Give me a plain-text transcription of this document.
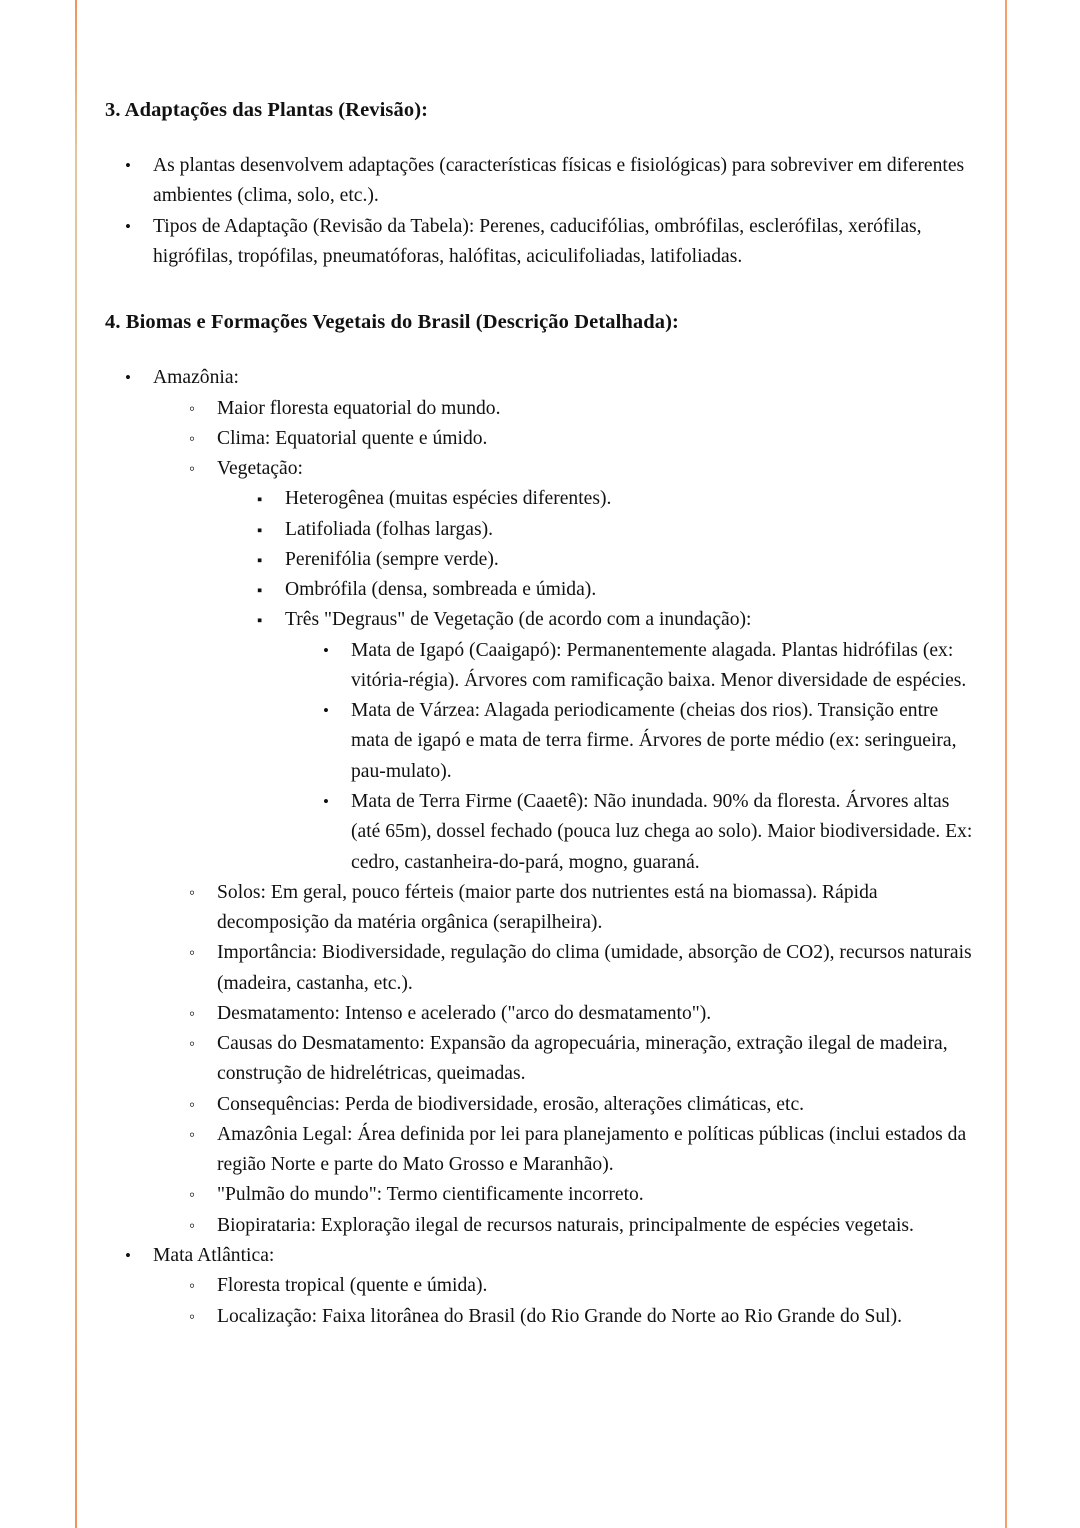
3. Adaptações das Plantas (Revisão):
•
As plantas desenvolvem adaptações (características físicas e fisiológicas) para sobreviver em diferentes ambientes (clima, solo, etc.).
•
Tipos de Adaptação (Revisão da Tabela): Perenes, caducifólias, ombrófilas, esclerófilas, xerófilas, higrófilas, tropófilas, pneumatóforas, halófitas, aciculifoliadas, latifoliadas.
4. Biomas e Formações Vegetais do Brasil (Descrição Detalhada):
•
Amazônia:
◦
Maior floresta equatorial do mundo.
◦
Clima: Equatorial quente e úmido.
◦
Vegetação:
▪
Heterogênea (muitas espécies diferentes).
▪
Latifoliada (folhas largas).
▪
Perenifólia (sempre verde).
▪
Ombrófila (densa, sombreada e úmida).
▪
Três "Degraus" de Vegetação (de acordo com a inundação):
•
Mata de Igapó (Caaigapó): Permanentemente alagada. Plantas hidrófilas (ex: vitória-régia). Árvores com ramificação baixa. Menor diversidade de espécies.
•
Mata de Várzea: Alagada periodicamente (cheias dos rios). Transição entre mata de igapó e mata de terra firme. Árvores de porte médio (ex: seringueira, pau-mulato).
•
Mata de Terra Firme (Caaetê): Não inundada. 90% da floresta. Árvores altas (até 65m), dossel fechado (pouca luz chega ao solo). Maior biodiversidade. Ex: cedro, castanheira-do-pará, mogno, guaraná.
◦
Solos: Em geral, pouco férteis (maior parte dos nutrientes está na biomassa). Rápida decomposição da matéria orgânica (serapilheira).
◦
Importância: Biodiversidade, regulação do clima (umidade, absorção de CO2), recursos naturais (madeira, castanha, etc.).
◦
Desmatamento: Intenso e acelerado ("arco do desmatamento").
◦
Causas do Desmatamento: Expansão da agropecuária, mineração, extração ilegal de madeira, construção de hidrelétricas, queimadas.
◦
Consequências: Perda de biodiversidade, erosão, alterações climáticas, etc.
◦
Amazônia Legal: Área definida por lei para planejamento e políticas públicas (inclui estados da região Norte e parte do Mato Grosso e Maranhão).
◦
"Pulmão do mundo": Termo cientificamente incorreto.
◦
Biopirataria: Exploração ilegal de recursos naturais, principalmente de espécies vegetais.
•
Mata Atlântica:
◦
Floresta tropical (quente e úmida).
◦
Localização: Faixa litorânea do Brasil (do Rio Grande do Norte ao Rio Grande do Sul).
